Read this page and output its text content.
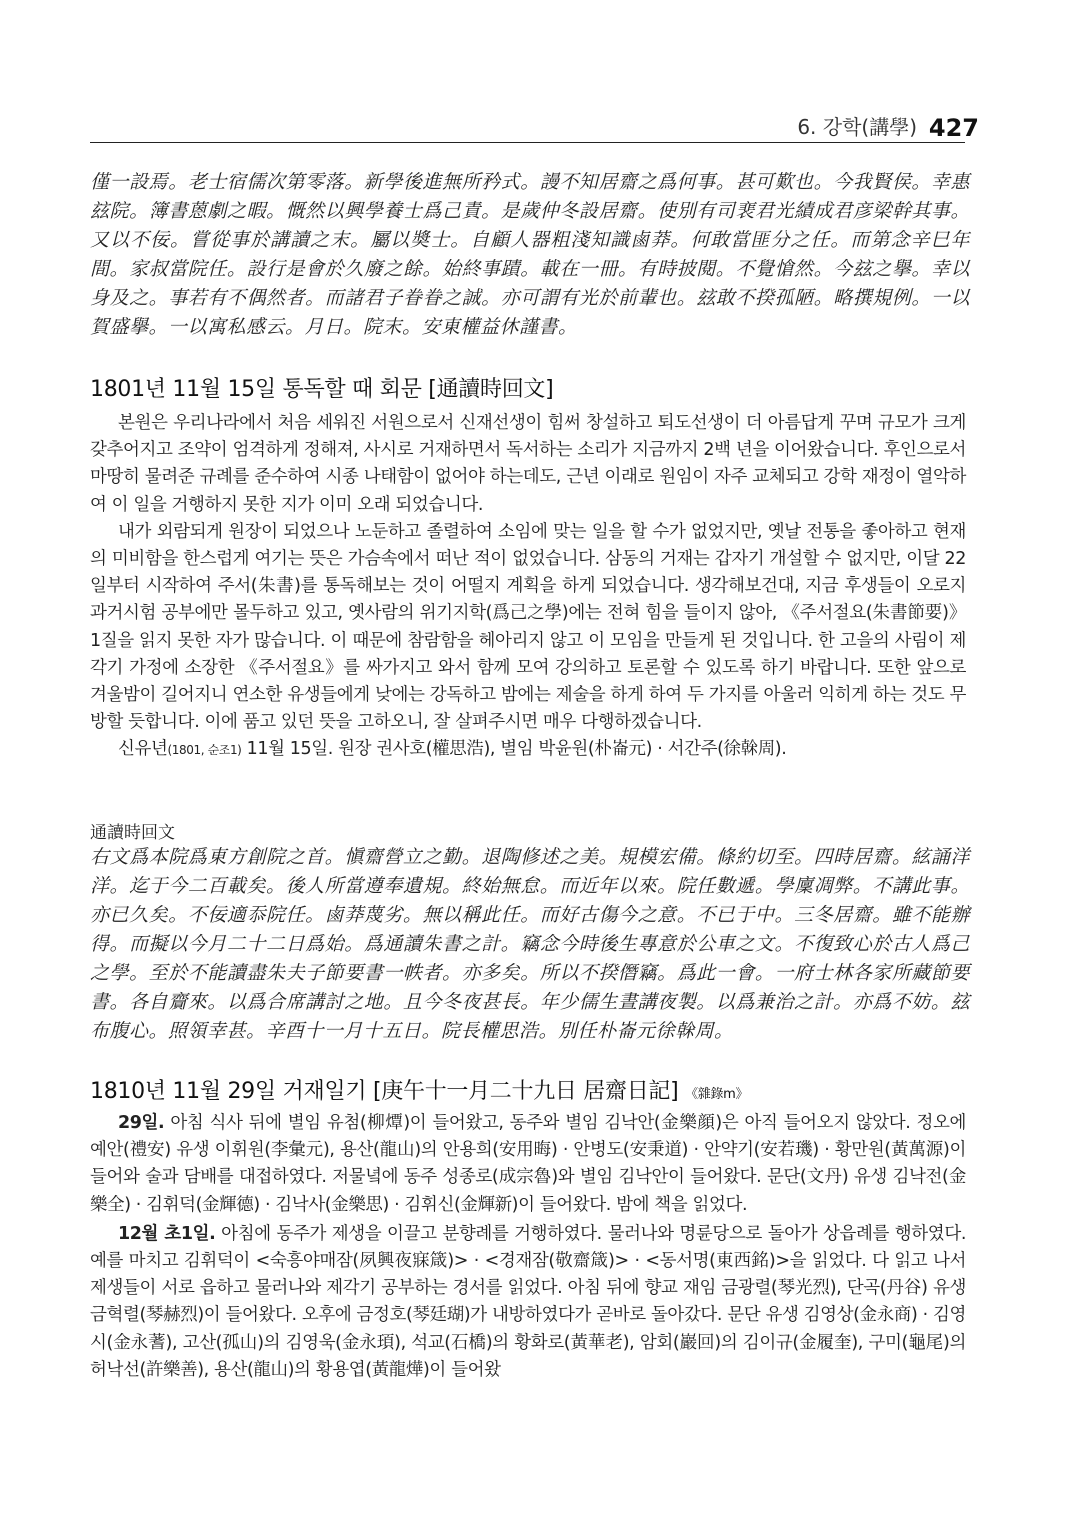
6. 강학(講學) 427
僅一設焉。老士宿儒次第零落。新學後進無所矜式。謾不知居齋之爲何事。甚可歎也。今我賢侯。幸惠玆院。簿書蒽劇之暇。慨然以興學養士爲己責。是歲仲冬設居齋。使別有司裵君光績成君彦梁幹其事。又以不佞。嘗從事於講讀之末。屬以奬士。自顧人器粗淺知識鹵莽。何敢當匪分之任。而第念辛巳年間。家叔當院任。設行是會於久廢之餘。始終事蹟。載在一冊。有時披閱。不覺愴然。今玆之擧。幸以身及之。事若有不偶然者。而諸君子眷眷之誠。亦可謂有光於前輩也。玆敢不揆孤陋。略撰規例。一以賀盛擧。一以寓私感云。月日。院末。安東權益休謹書。
1801년 11월 15일 통독할 때 회문 [通讀時回文]

본원은 우리나라에서 처음 세워진 서원으로서 신재선생이 힘써 창설하고 퇴도선생이 더 아름답게 꾸며 규모가 크게 갖추어지고 조약이 엄격하게 정해져, 사시로 거재하면서 독서하는 소리가 지금까지 2백 년을 이어왔습니다. 후인으로서 마땅히 물려준 규례를 준수하여 시종 나태함이 없어야 하는데도, 근년 이래로 원임이 자주 교체되고 강학 재정이 열악하여 이 일을 거행하지 못한 지가 이미 오래 되었습니다.

내가 외람되게 원장이 되었으나 노둔하고 졸렬하여 소임에 맞는 일을 할 수가 없었지만, 옛날 전통을 좋아하고 현재의 미비함을 한스럽게 여기는 뜻은 가슴속에서 떠난 적이 없었습니다. 삼동의 거재는 갑자기 개설할 수 없지만, 이달 22일부터 시작하여 주서(朱書)를 통독해보는 것이 어떨지 계획을 하게 되었습니다. 생각해보건대, 지금 후생들이 오로지 과거시험 공부에만 몰두하고 있고, 옛사람의 위기지학(爲己之學)에는 전혀 힘을 들이지 않아, 《주서절요(朱書節要)》 1질을 읽지 못한 자가 많습니다. 이 때문에 참람함을 헤아리지 않고 이 모임을 만들게 된 것입니다. 한 고을의 사림이 제각기 가정에 소장한 《주서절요》를 싸가지고 와서 함께 모여 강의하고 토론할 수 있도록 하기 바랍니다. 또한 앞으로 겨울밤이 길어지니 연소한 유생들에게 낮에는 강독하고 밤에는 제술을 하게 하여 두 가지를 아울러 익히게 하는 것도 무방할 듯합니다. 이에 품고 있던 뜻을 고하오니, 잘 살펴주시면 매우 다행하겠습니다.

신유년(1801, 순조1) 11월 15일. 원장 권사호(權思浩), 별임 박윤원(朴崙元) · 서간주(徐榦周).

通讀時回文
右文爲本院爲東方創院之首。愼齋營立之勤。退陶修述之美。規模宏備。條約切至。四時居齋。絃誦洋洋。迄于今二百載矣。後人所當遵奉遺規。終始無怠。而近年以來。院任數遞。學廩凋弊。不講此事。亦已久矣。不佞適忝院任。鹵莽蔑劣。無以稱此任。而好古傷今之意。不已于中。三冬居齋。雖不能辦得。而擬以今月二十二日爲始。爲通讀朱書之計。竊念今時後生專意於公車之文。不復致心於古人爲己之學。至於不能讀盡朱夫子節要書一帙者。亦多矣。所以不揆僭竊。爲此一會。一府士林各家所藏節要書。各自齎來。以爲合席講討之地。且今冬夜甚長。年少儒生晝講夜製。以爲兼治之計。亦爲不妨。玆布腹心。照領幸甚。辛酉十一月十五日。院長權思浩。別任朴崙元徐榦周。
1810년 11월 29일 거재일기 [庚午十一月二十九日 居齋日記] 《雜錄m》

29일. 아침 식사 뒤에 별임 유첨(柳燂)이 들어왔고, 동주와 별임 김낙안(金樂顔)은 아직 들어오지 않았다. 정오에 예안(禮安) 유생 이휘원(李彙元), 용산(龍山)의 안용희(安用晦) · 안병도(安秉道) · 안약기(安若璣) · 황만원(黃萬源)이 들어와 술과 담배를 대접하였다. 저물녘에 동주 성종로(成宗魯)와 별임 김낙안이 들어왔다. 문단(文丹) 유생 김낙전(金樂全) · 김휘덕(金輝德) · 김낙사(金樂思) · 김휘신(金輝新)이 들어왔다. 밤에 책을 읽었다.

12월 초1일. 아침에 동주가 제생을 이끌고 분향례를 거행하였다. 물러나와 명륜당으로 돌아가 상읍례를 행하였다. 예를 마치고 김휘덕이 <숙흥야매잠(夙興夜寐箴)> · <경재잠(敬齋箴)> · <동서명(東西銘)>을 읽었다. 다 읽고 나서 제생들이 서로 읍하고 물러나와 제각기 공부하는 경서를 읽었다. 아침 뒤에 향교 재임 금광렬(琴光烈), 단곡(丹谷) 유생 금혁렬(琴赫烈)이 들어왔다. 오후에 금정호(琴廷瑚)가 내방하였다가 곧바로 돌아갔다. 문단 유생 김영상(金永商) · 김영시(金永蓍), 고산(孤山)의 김영욱(金永頊), 석교(石橋)의 황화로(黃華老), 암회(巖回)의 김이규(金履奎), 구미(龜尾)의 허낙선(許樂善), 용산(龍山)의 황용엽(黃龍燁)이 들어왔
